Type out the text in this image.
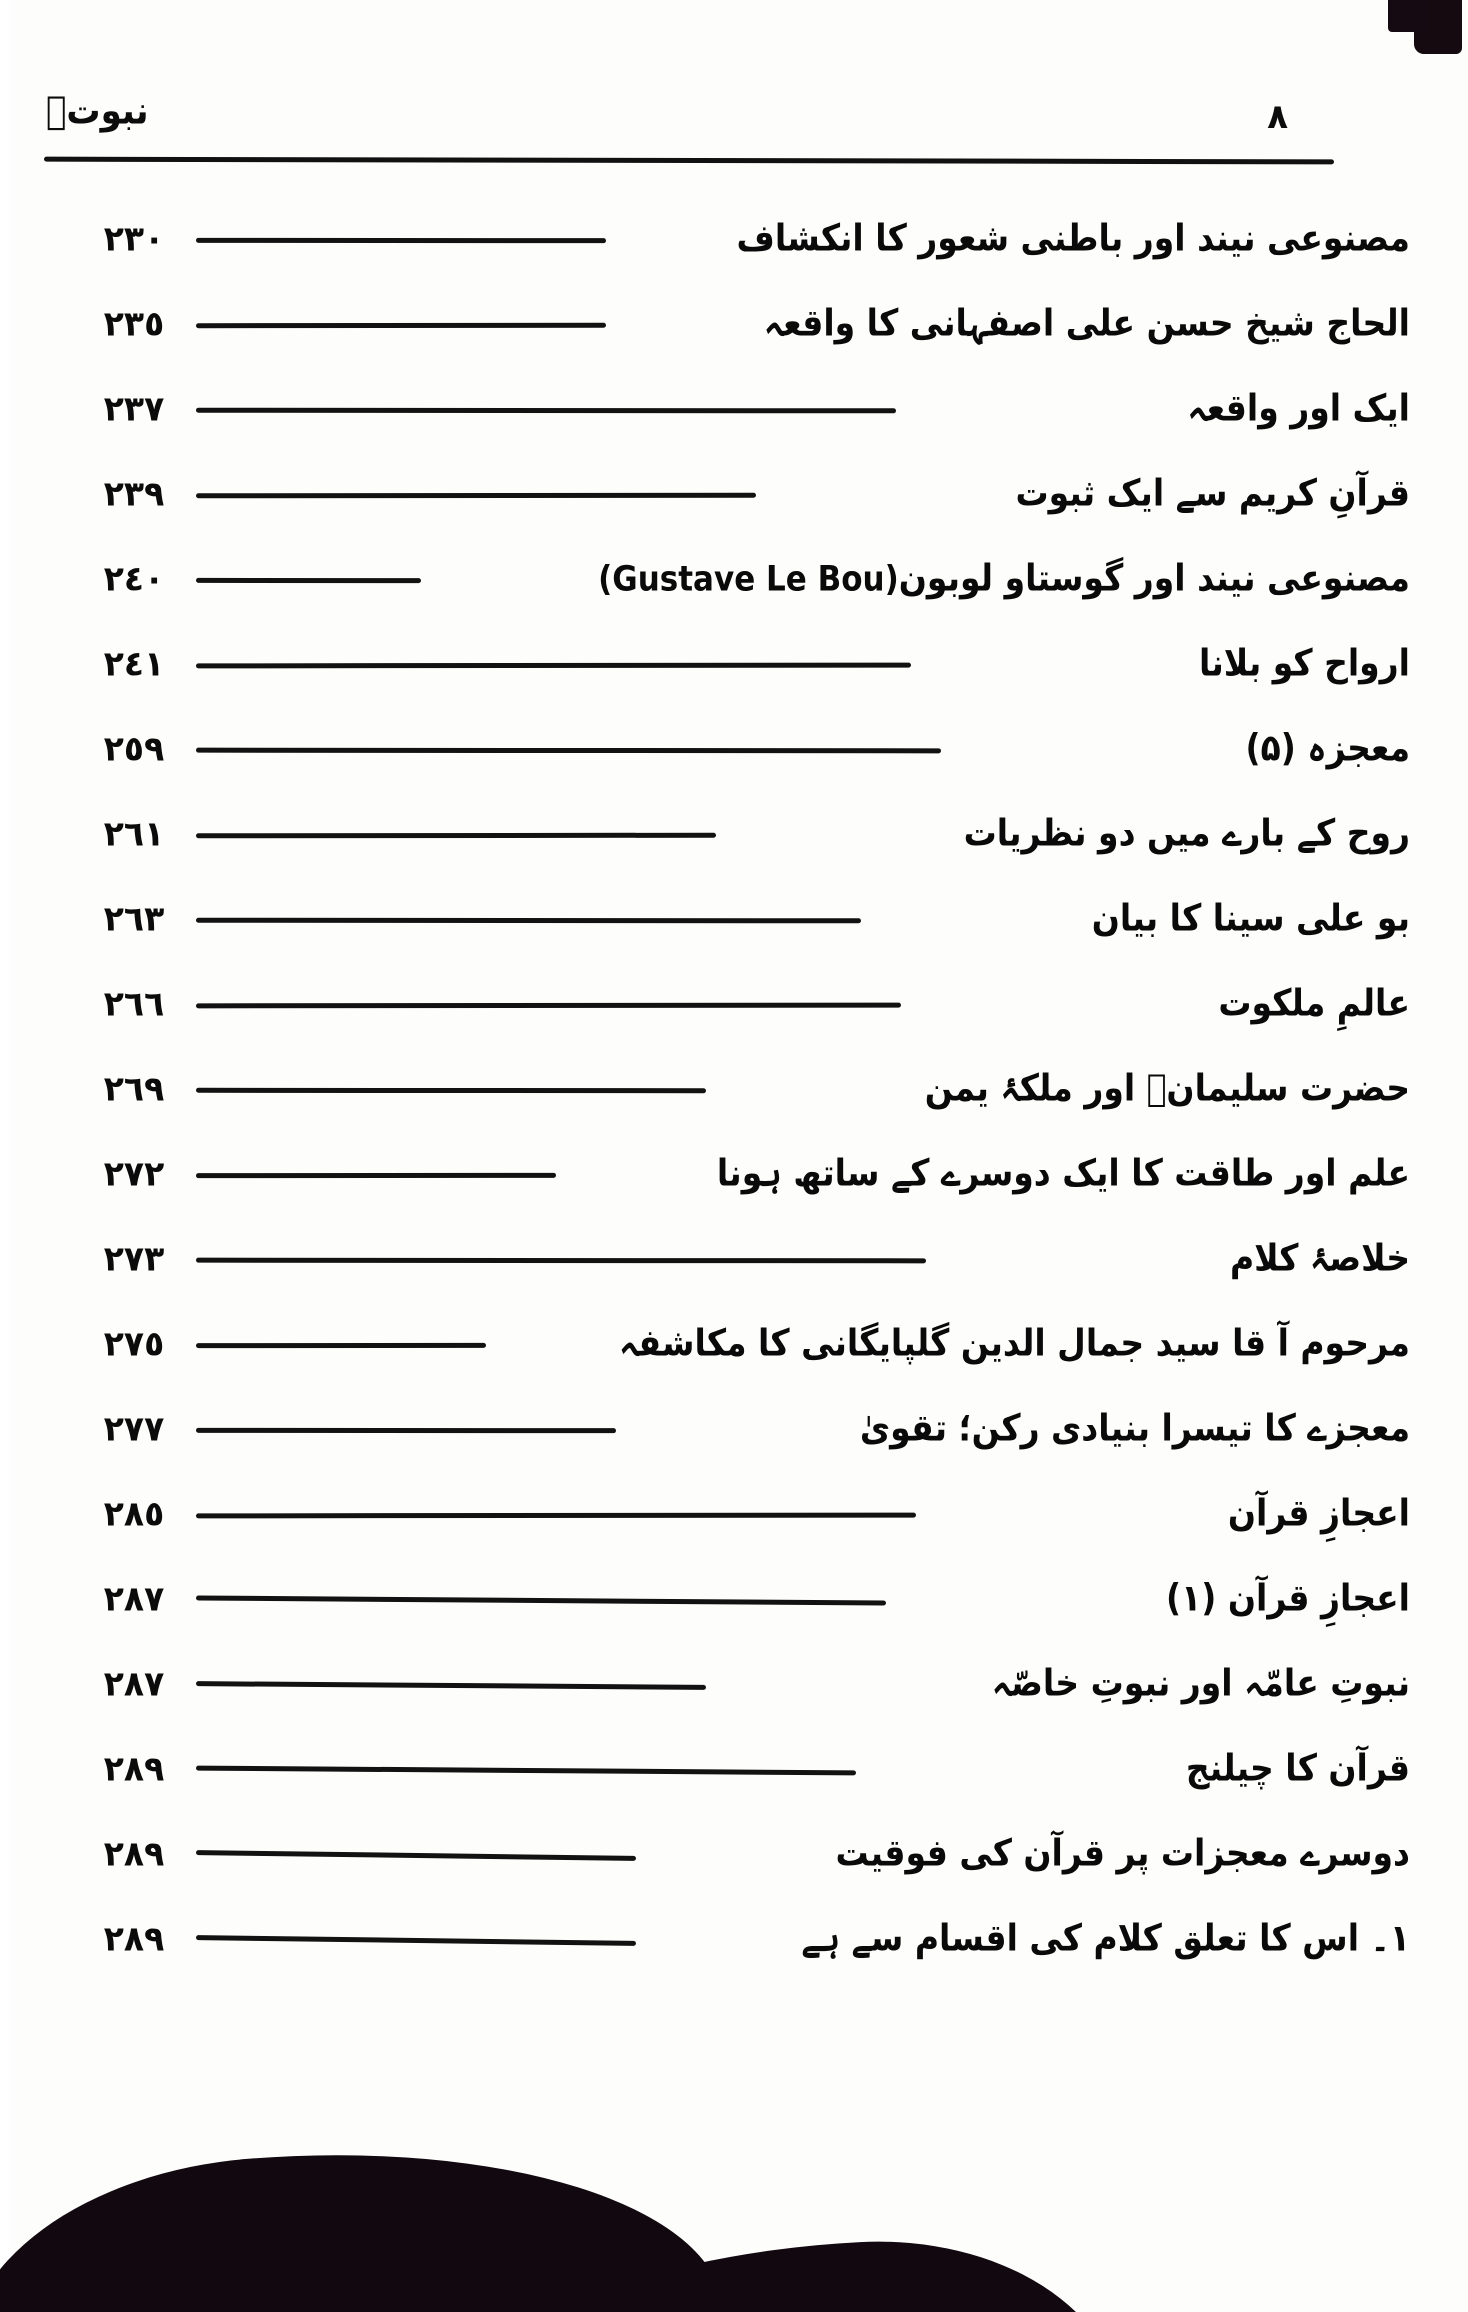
نبوتؐ	٨
٢٣٠	مصنوعی نیند اور باطنی شعور کا انکشاف
٢٣٥	الحاج شیخ حسن علی اصفہانی کا واقعہ
٢٣٧	ایک اور واقعہ
٢٣٩	قرآنِ کریم سے ایک ثبوت
٢٤٠	مصنوعی نیند اور گوستاو لوبون(Gustave Le Bou)
٢٤١	ارواح کو بلانا
٢٥٩	معجزہ (۵)
٢٦١	روح کے بارے میں دو نظریات
٢٦٣	بو علی سینا کا بیان
٢٦٦	عالمِ ملکوت
٢٦٩	حضرت سلیمانؑ اور ملکۂ یمن
٢٧٢	علم اور طاقت کا ایک دوسرے کے ساتھ ہونا
٢٧٣	خلاصۂ کلام
٢٧٥	مرحوم آ قا سید جمال الدین گلپایگانی کا مکاشفہ
٢٧٧	معجزے کا تیسرا بنیادی رکن؛ تقویٰ
٢٨٥	اعجازِ قرآن
٢٨٧	اعجازِ قرآن (۱)
٢٨٧	نبوتِ عامّہ اور نبوتِ خاصّہ
٢٨٩	قرآن کا چیلنج
٢٨٩	دوسرے معجزات پر قرآن کی فوقیت
٢٨٩	۱۔ اس کا تعلق کلام کی اقسام سے ہے
